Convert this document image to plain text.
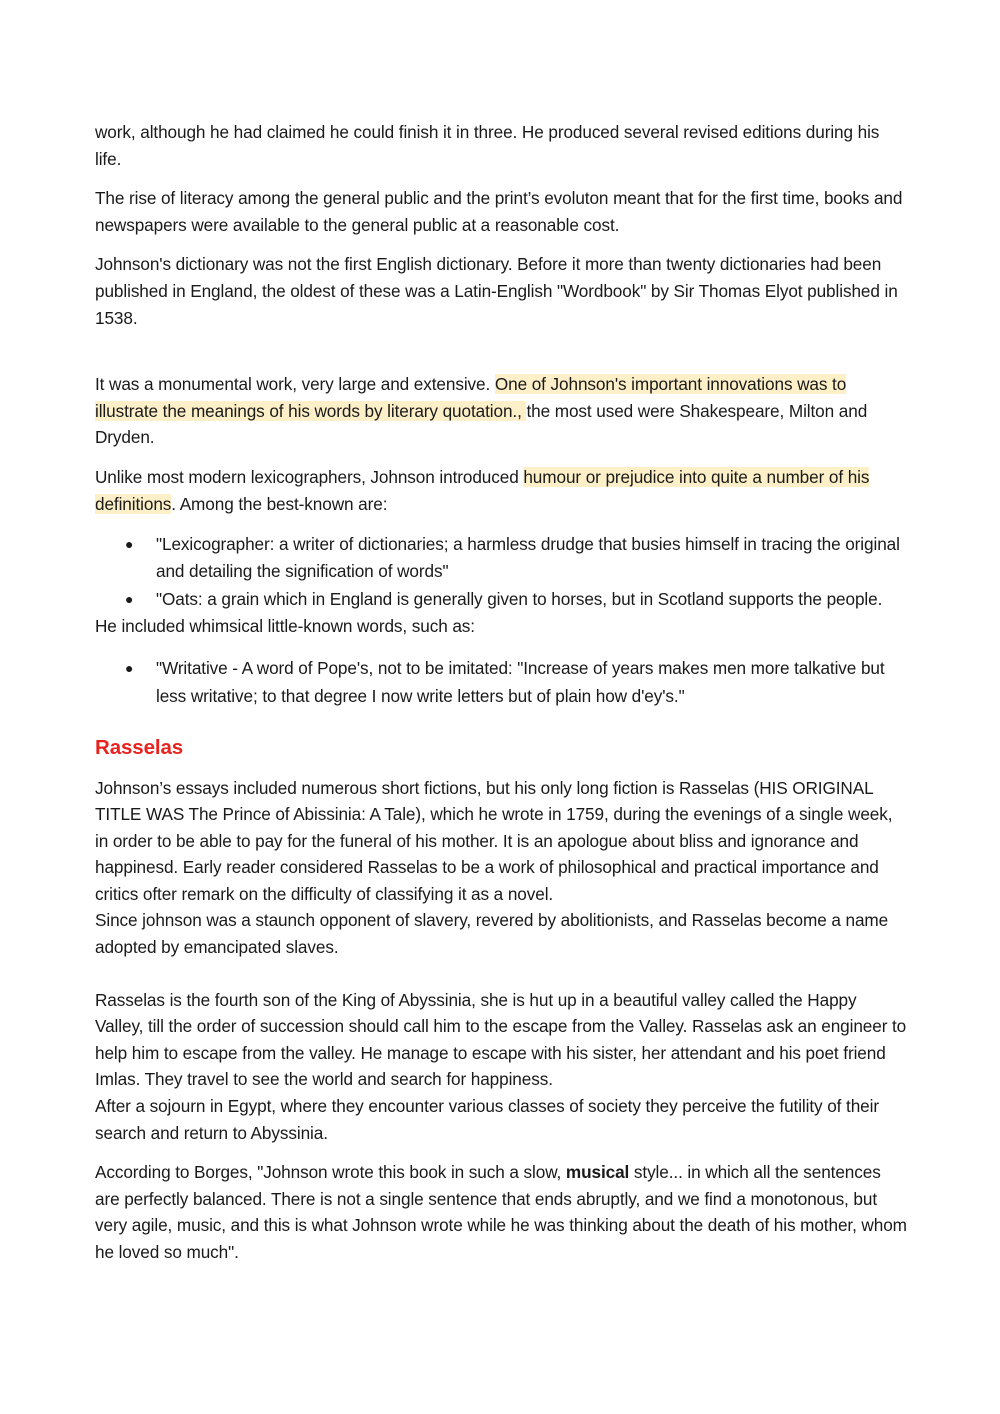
work, although he had claimed he could finish it in three. He produced several revised editions during his life.

The rise of literacy among the general public and the print’s evoluton meant that for the first time, books and newspapers were available to the general public at a reasonable cost.

Johnson's dictionary was not the first English dictionary. Before it more than twenty dictionaries had been published in England, the oldest of these was a Latin-English "Wordbook" by Sir Thomas Elyot published in 1538.

It was a monumental work, very large and extensive. One of Johnson's important innovations was to illustrate the meanings of his words by literary quotation., the most used were Shakespeare, Milton and Dryden.

Unlike most modern lexicographers, Johnson introduced humour or prejudice into quite a number of his definitions. Among the best-known are:

● "Lexicographer: a writer of dictionaries; a harmless drudge that busies himself in tracing the original and detailing the signification of words"
● "Oats: a grain which in England is generally given to horses, but in Scotland supports the people.

He included whimsical little-known words, such as:

● "Writative - A word of Pope's, not to be imitated: "Increase of years makes men more talkative but less writative; to that degree I now write letters but of plain how d'ey's."
Rasselas

Johnson’s essays included numerous short fictions, but his only long fiction is Rasselas (HIS ORIGINAL TITLE WAS The Prince of Abissinia: A Tale), which he wrote in 1759, during the evenings of a single week, in order to be able to pay for the funeral of his mother. It is an apologue about bliss and ignorance and happinesd. Early reader considered Rasselas to be a work of philosophical and practical importance and critics ofter remark on the difficulty of classifying it as a novel.

Since johnson was a staunch opponent of slavery, revered by abolitionists, and Rasselas become a name adopted by emancipated slaves.

Rasselas is the fourth son of the King of Abyssinia, she is hut up in a beautiful valley called the Happy Valley, till the order of succession should call him to the escape from the Valley. Rasselas ask an engineer to help him to escape from the valley. He manage to escape with his sister, her attendant and his poet friend Imlas. They travel to see the world and search for happiness.

After a sojourn in Egypt, where they encounter various classes of society they perceive the futility of their search and return to Abyssinia.

According to Borges, "Johnson wrote this book in such a slow, musical style... in which all the sentences are perfectly balanced. There is not a single sentence that ends abruptly, and we find a monotonous, but very agile, music, and this is what Johnson wrote while he was thinking about the death of his mother, whom he loved so much".
